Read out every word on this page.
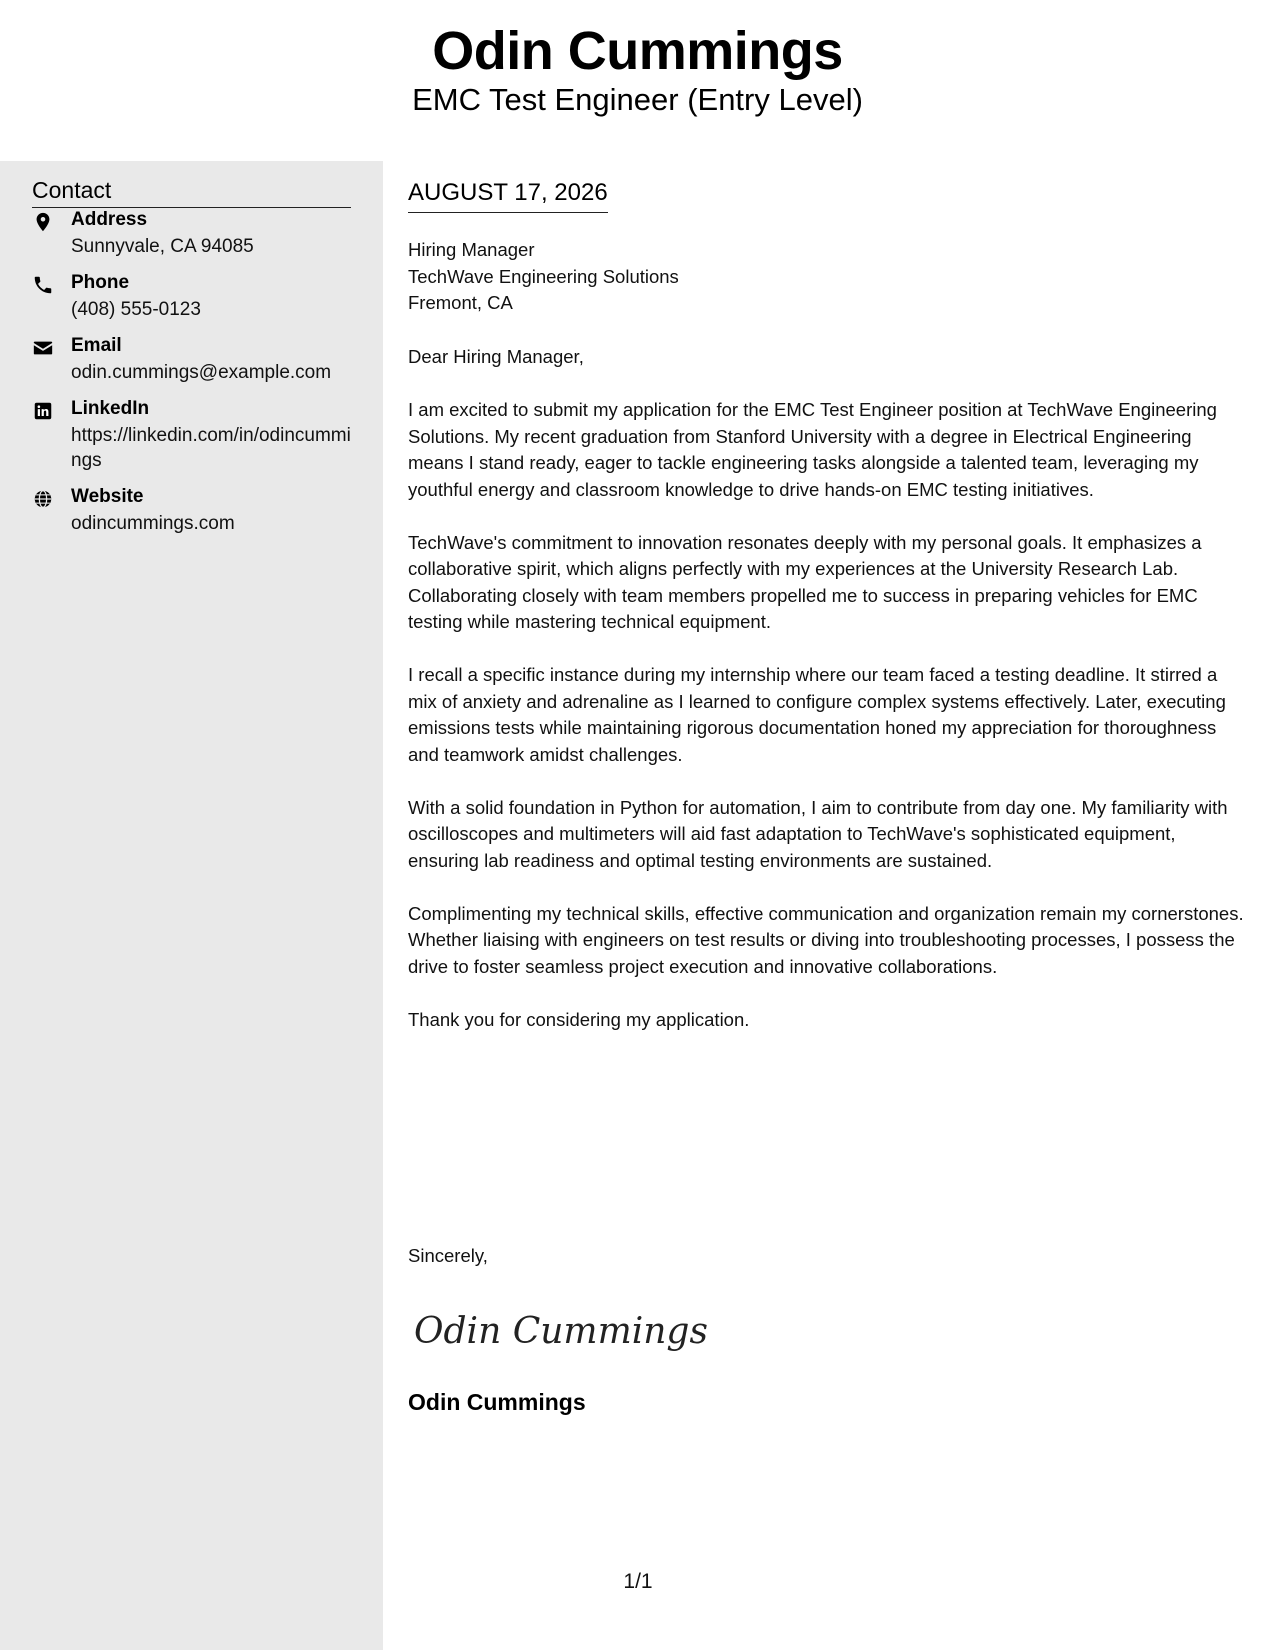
Odin Cummings
EMC Test Engineer (Entry Level)
Contact
Address
Sunnyvale, CA 94085
Phone
(408) 555-0123
Email
odin.cummings@example.com
LinkedIn
https://linkedin.com/in/odincummings
Website
odincummings.com
AUGUST 17, 2026
Hiring Manager
TechWave Engineering Solutions
Fremont, CA

Dear Hiring Manager,

I am excited to submit my application for the EMC Test Engineer position at TechWave Engineering Solutions. My recent graduation from Stanford University with a degree in Electrical Engineering means I stand ready, eager to tackle engineering tasks alongside a talented team, leveraging my youthful energy and classroom knowledge to drive hands-on EMC testing initiatives.

TechWave's commitment to innovation resonates deeply with my personal goals. It emphasizes a collaborative spirit, which aligns perfectly with my experiences at the University Research Lab. Collaborating closely with team members propelled me to success in preparing vehicles for EMC testing while mastering technical equipment.

I recall a specific instance during my internship where our team faced a testing deadline. It stirred a mix of anxiety and adrenaline as I learned to configure complex systems effectively. Later, executing emissions tests while maintaining rigorous documentation honed my appreciation for thoroughness and teamwork amidst challenges.

With a solid foundation in Python for automation, I aim to contribute from day one. My familiarity with oscilloscopes and multimeters will aid fast adaptation to TechWave's sophisticated equipment, ensuring lab readiness and optimal testing environments are sustained.

Complimenting my technical skills, effective communication and organization remain my cornerstones. Whether liaising with engineers on test results or diving into troubleshooting processes, I possess the drive to foster seamless project execution and innovative collaborations.

Thank you for considering my application.

Sincerely,
Odin Cummings
Odin Cummings
1/1
